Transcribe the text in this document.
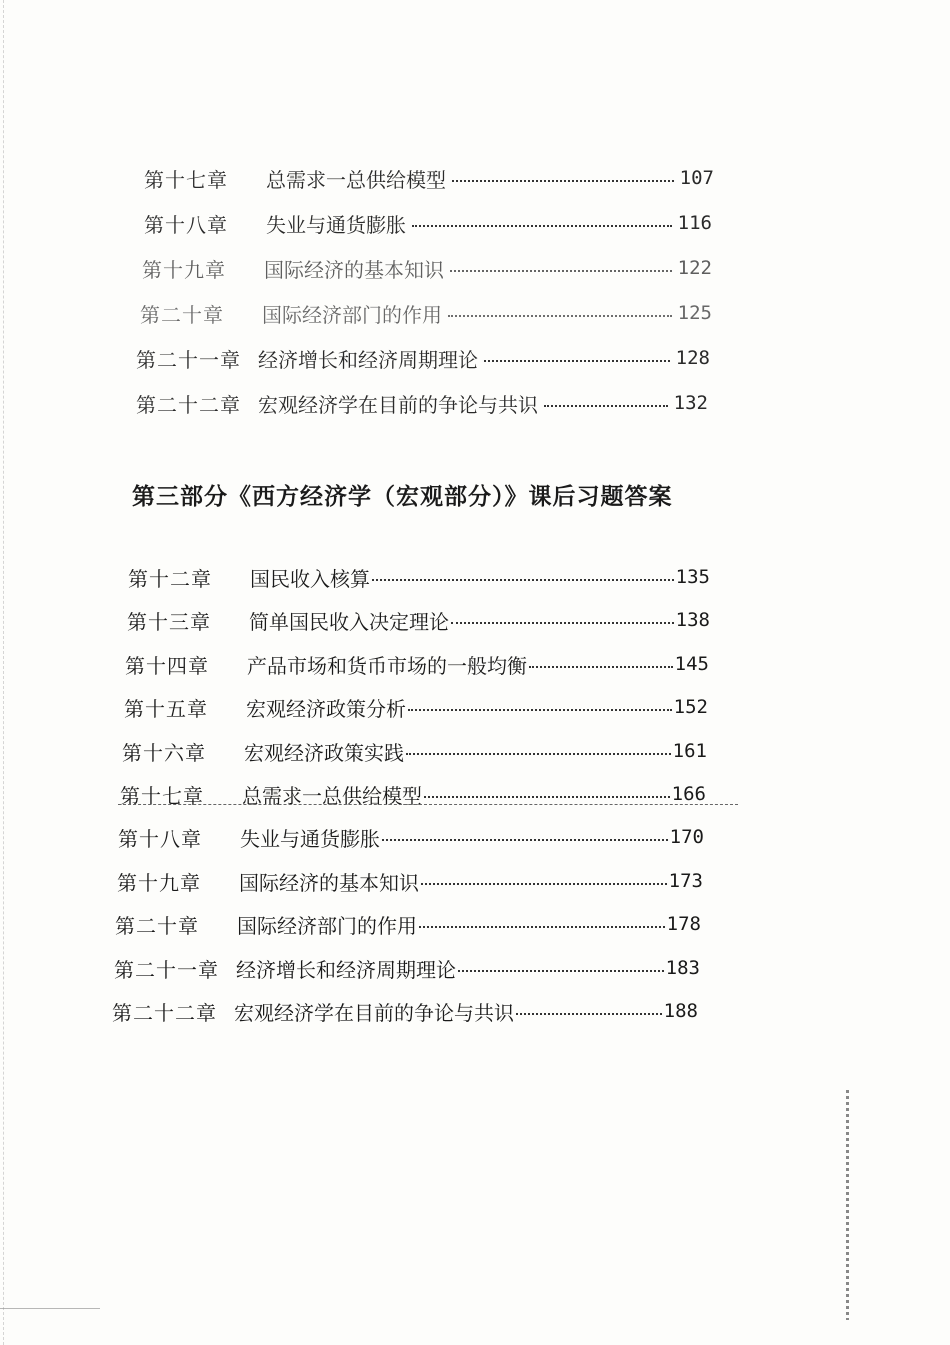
第十七章	总需求一总供给模型	107
第十八章	失业与通货膨胀	116
第十九章	国际经济的基本知识	122
第二十章	国际经济部门的作用	125
第二十一章 经济增长和经济周期理论	128
第二十二章 宏观经济学在目前的争论与共识	132
第三部分《西方经济学（宏观部分）》课后习题答案
第十二章	国民收入核算	135
第十三章	简单国民收入决定理论	138
第十四章	产品市场和货币市场的一般均衡	145
第十五章	宏观经济政策分析	152
第十六章	宏观经济政策实践	161
第十七章	总需求一总供给模型	166
第十八章	失业与通货膨胀	170
第十九章	国际经济的基本知识	173
第二十章	国际经济部门的作用	178
第二十一章 经济增长和经济周期理论	183
第二十二章 宏观经济学在目前的争论与共识	188
